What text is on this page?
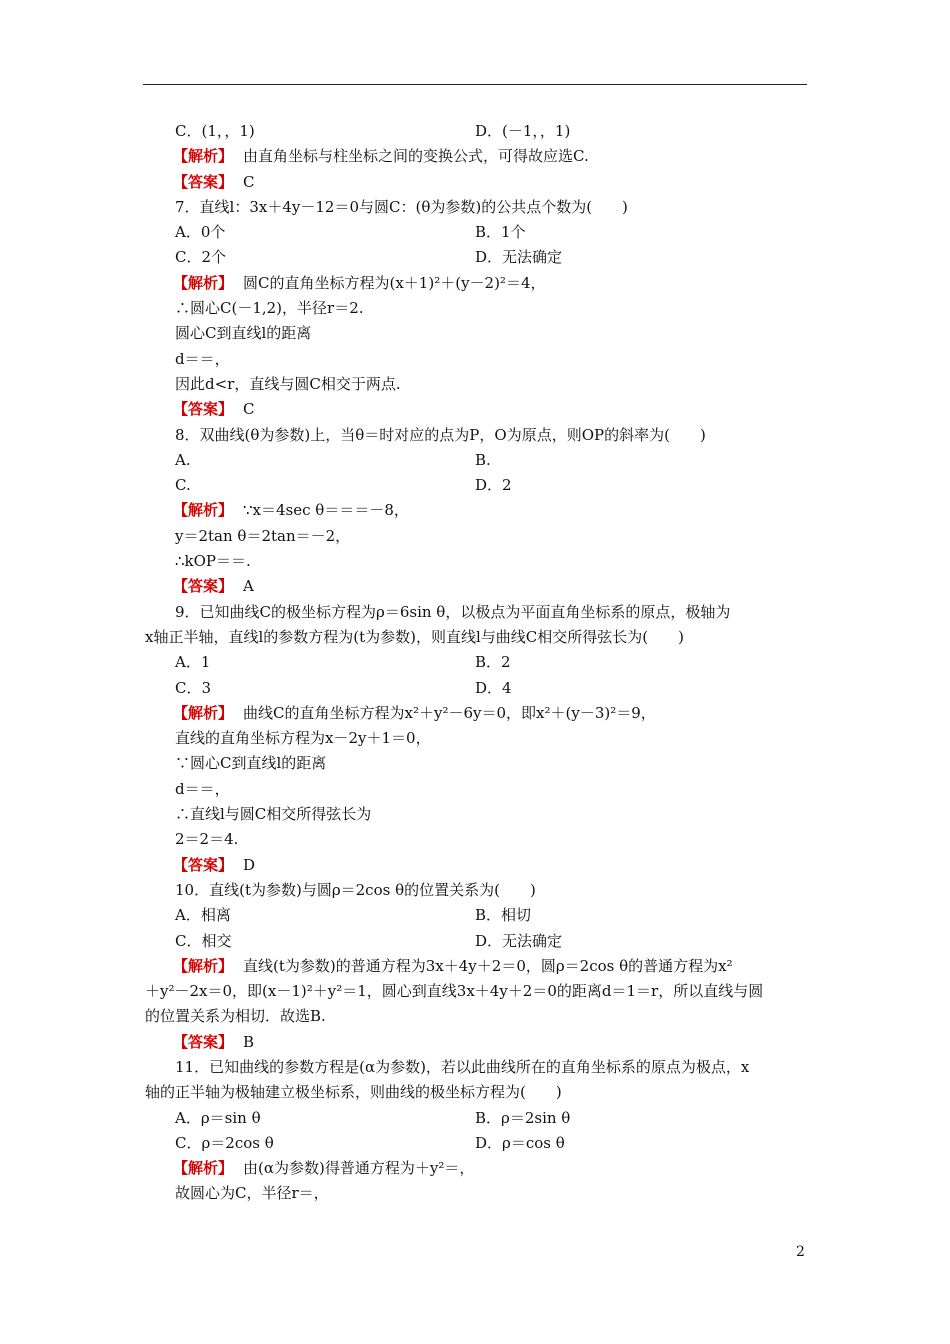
C．(1，，1)	D．(－1，，1)
【解析】 由直角坐标与柱坐标之间的变换公式，可得故应选C.
【答案】 C
7．直线l：3x＋4y－12＝0与圆C：(θ为参数)的公共点个数为(　　)
A．0个	B．1个
C．2个	D．无法确定
【解析】 圆C的直角坐标方程为(x＋1)²＋(y－2)²＝4，
∴圆心C(－1,2)，半径r＝2.
圆心C到直线l的距离
d＝＝，
因此d<r，直线与圆C相交于两点.
【答案】 C
8．双曲线(θ为参数)上，当θ＝时对应的点为P，O为原点，则OP的斜率为(　　)
A.	B.
C.	D．2
【解析】 ∵x＝4sec θ＝＝＝－8，
y＝2tan θ＝2tan＝－2，
∴kOP＝＝.
【答案】 A
9．已知曲线C的极坐标方程为ρ＝6sin θ，以极点为平面直角坐标系的原点，极轴为
x轴正半轴，直线l的参数方程为(t为参数)，则直线l与曲线C相交所得弦长为(　　)
A．1	B．2
C．3	D．4
【解析】 曲线C的直角坐标方程为x²＋y²－6y＝0，即x²＋(y－3)²＝9，
直线的直角坐标方程为x－2y＋1＝0，
∵圆心C到直线l的距离
d＝＝，
∴直线l与圆C相交所得弦长为
2＝2＝4.
【答案】 D
10．直线(t为参数)与圆ρ＝2cos θ的位置关系为(　　)
A．相离	B．相切
C．相交	D．无法确定
【解析】 直线(t为参数)的普通方程为3x＋4y＋2＝0，圆ρ＝2cos θ的普通方程为x²
＋y²－2x＝0，即(x－1)²＋y²＝1，圆心到直线3x＋4y＋2＝0的距离d＝1＝r，所以直线与圆
的位置关系为相切．故选B.
【答案】 B
11．已知曲线的参数方程是(α为参数)，若以此曲线所在的直角坐标系的原点为极点，x
轴的正半轴为极轴建立极坐标系，则曲线的极坐标方程为(　　)
A．ρ＝sin θ	B．ρ＝2sin θ
C．ρ＝2cos θ	D．ρ＝cos θ
【解析】 由(α为参数)得普通方程为＋y²＝，
故圆心为C，半径r＝，
2
